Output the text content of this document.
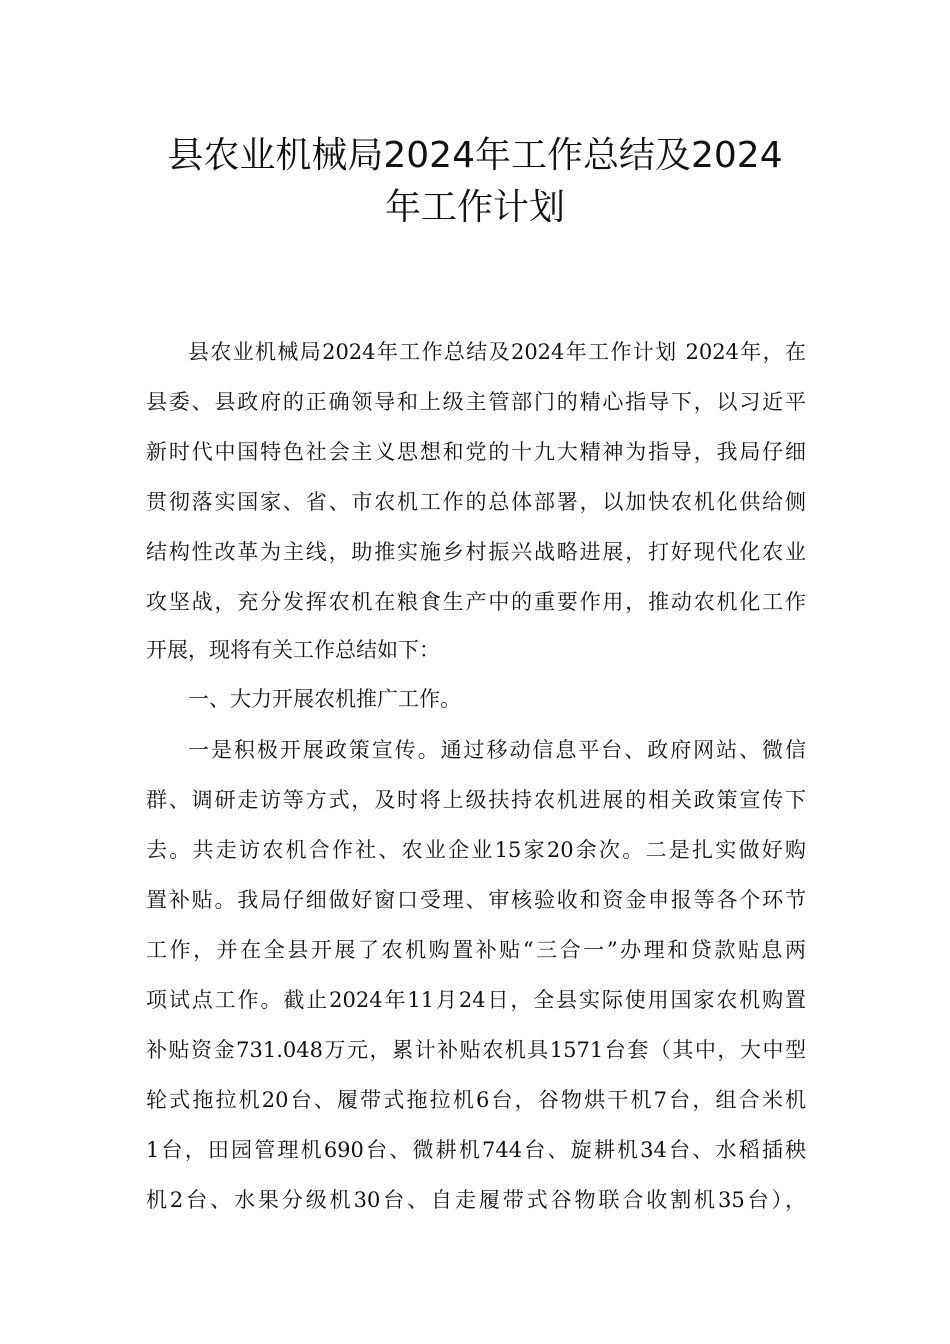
县农业机械局2024年工作总结及2024
年工作计划

县农业机械局2024年工作总结及2024年工作计划 2024年，在

县委、县政府的正确领导和上级主管部门的精心指导下，以习近平

新时代中国特色社会主义思想和党的十九大精神为指导，我局仔细

贯彻落实国家、省、市农机工作的总体部署，以加快农机化供给侧

结构性改革为主线，助推实施乡村振兴战略进展，打好现代化农业

攻坚战，充分发挥农机在粮食生产中的重要作用，推动农机化工作

开展，现将有关工作总结如下：

一、大力开展农机推广工作。

一是积极开展政策宣传。通过移动信息平台、政府网站、微信

群、调研走访等方式，及时将上级扶持农机进展的相关政策宣传下

去。共走访农机合作社、农业企业15家20余次。二是扎实做好购

置补贴。我局仔细做好窗口受理、审核验收和资金申报等各个环节

工作，并在全县开展了农机购置补贴“三合一”办理和贷款贴息两

项试点工作。截止2024年11月24日，全县实际使用国家农机购置

补贴资金731.048万元，累计补贴农机具1571台套（其中，大中型

轮式拖拉机20台、履带式拖拉机6台，谷物烘干机7台，组合米机

1台，田园管理机690台、微耕机744台、旋耕机34台、水稻插秧

机2台、水果分级机30台、自走履带式谷物联合收割机35台），
